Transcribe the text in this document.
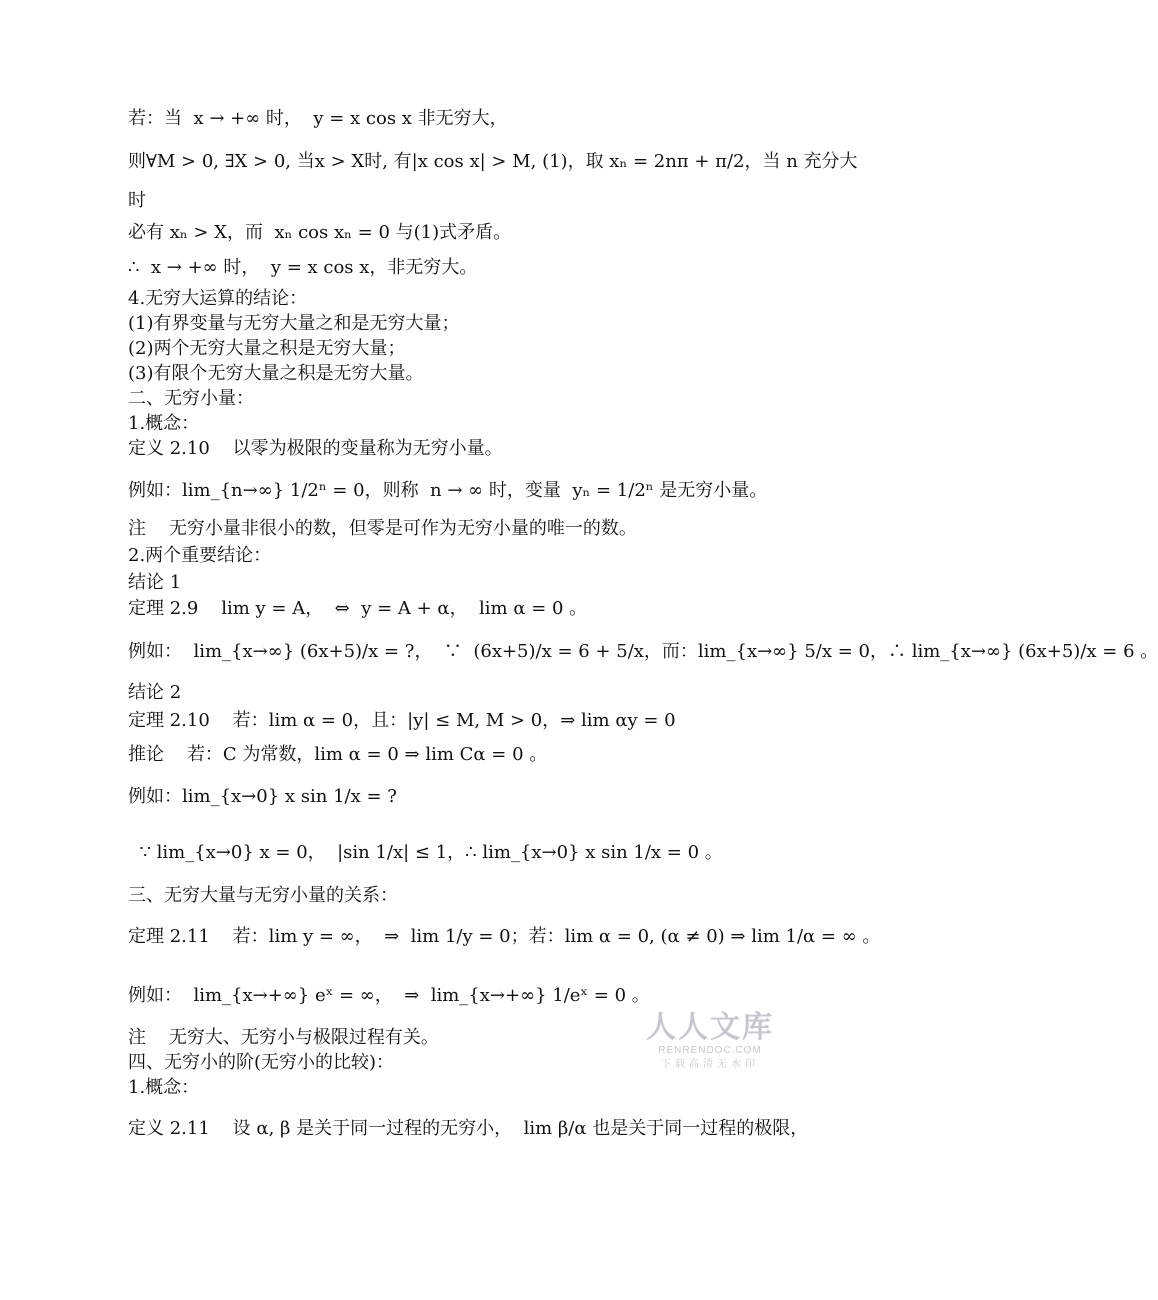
若：当  x → +∞ 时，  y = x cos x 非无穷大，
则∀M > 0, ∃X > 0, 当x > X时, 有|x cos x| > M, (1)，取 xₙ = 2nπ + π/2，当 n 充分大
时
必有 xₙ > X，而  xₙ cos xₙ = 0 与(1)式矛盾。
∴  x → +∞ 时，  y = x cos x，非无穷大。
4.无穷大运算的结论：
(1)有界变量与无穷大量之和是无穷大量；
(2)两个无穷大量之积是无穷大量；
(3)有限个无穷大量之积是无穷大量。
二、无穷小量：
1.概念：
定义 2.10    以零为极限的变量称为无穷小量。
例如：lim_{n→∞} 1/2ⁿ = 0，则称  n → ∞ 时，变量  yₙ = 1/2ⁿ 是无穷小量。
注    无穷小量非很小的数，但零是可作为无穷小量的唯一的数。
2.两个重要结论：
结论 1
定理 2.9    lim y = A，  ⇔  y = A + α，  lim α = 0 。
例如：  lim_{x→∞} (6x+5)/x = ?，  ∵  (6x+5)/x = 6 + 5/x，而：lim_{x→∞} 5/x = 0，∴ lim_{x→∞} (6x+5)/x = 6 。
结论 2
定理 2.10    若：lim α = 0，且：|y| ≤ M, M > 0，⇒ lim αy = 0
推论    若：C 为常数，lim α = 0 ⇒ lim Cα = 0 。
例如：lim_{x→0} x sin 1/x = ?
∵ lim_{x→0} x = 0，  |sin 1/x| ≤ 1，∴ lim_{x→0} x sin 1/x = 0 。
三、无穷大量与无穷小量的关系：
定理 2.11    若：lim y = ∞，  ⇒  lim 1/y = 0；若：lim α = 0, (α ≠ 0) ⇒ lim 1/α = ∞ 。
例如：  lim_{x→+∞} eˣ = ∞，  ⇒  lim_{x→+∞} 1/eˣ = 0 。
注    无穷大、无穷小与极限过程有关。
四、无穷小的阶(无穷小的比较)：
1.概念：
定义 2.11    设 α, β 是关于同一过程的无穷小，  lim β/α 也是关于同一过程的极限，
人人文库
RENRENDOC.COM
下载高清无水印
